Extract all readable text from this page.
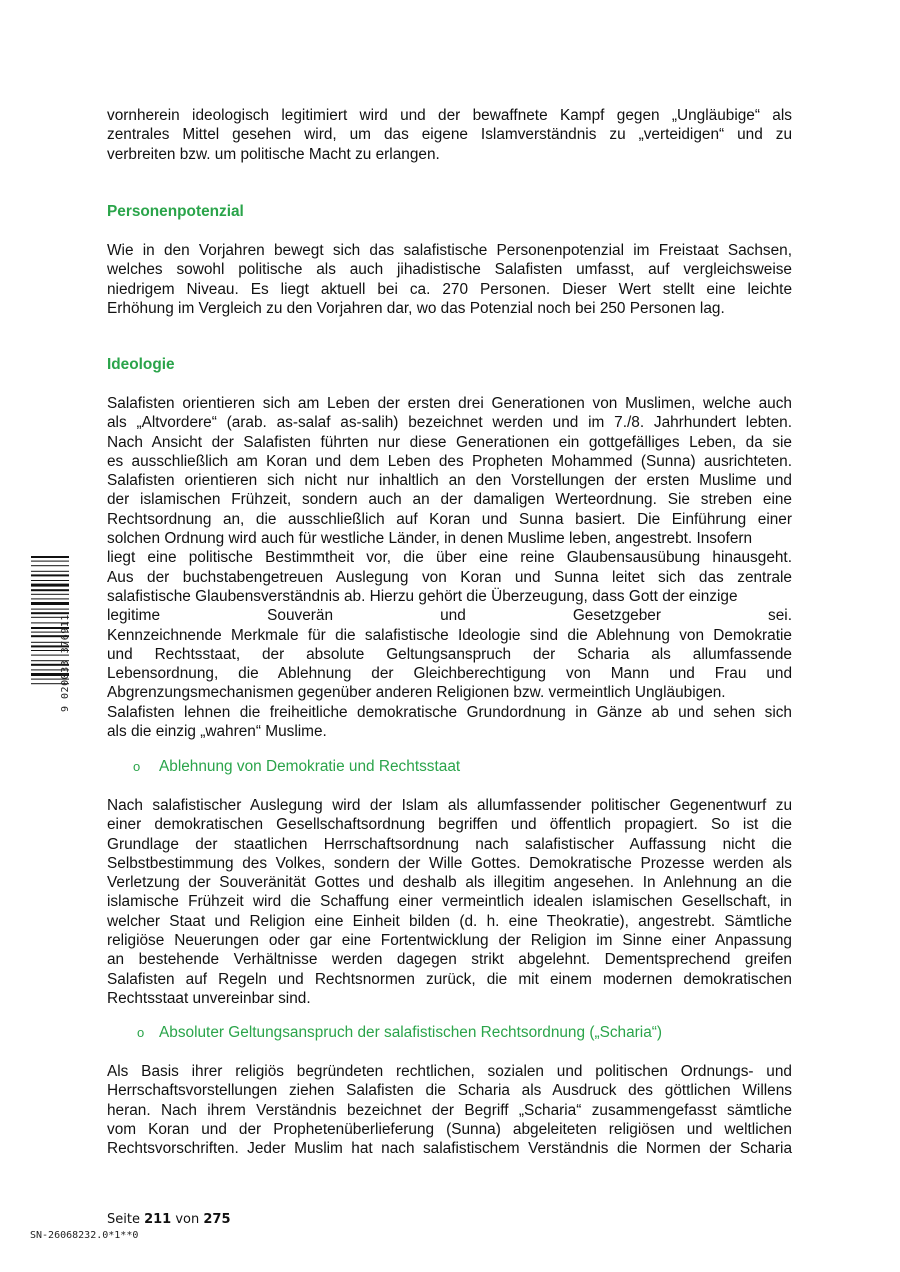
vornherein ideologisch legitimiert wird und der bewaffnete Kampf gegen „Ungläubige“ als
zentrales Mittel gesehen wird, um das eigene Islamverständnis zu „verteidigen“ und zu
verbreiten bzw. um politische Macht zu erlangen.

Personenpotenzial

Wie in den Vorjahren bewegt sich das salafistische Personenpotenzial im Freistaat Sachsen,
welches sowohl politische als auch jihadistische Salafisten umfasst, auf vergleichsweise
niedrigem Niveau. Es liegt aktuell bei ca. 270 Personen. Dieser Wert stellt eine leichte
Erhöhung im Vergleich zu den Vorjahren dar, wo das Potenzial noch bei 250 Personen lag.

Ideologie

Salafisten orientieren sich am Leben der ersten drei Generationen von Muslimen, welche auch
als „Altvordere“ (arab. as-salaf as-salih) bezeichnet werden und im 7./8. Jahrhundert lebten.
Nach Ansicht der Salafisten führten nur diese Generationen ein gottgefälliges Leben, da sie
es ausschließlich am Koran und dem Leben des Propheten Mohammed (Sunna) ausrichteten.
Salafisten orientieren sich nicht nur inhaltlich an den Vorstellungen der ersten Muslime und
der islamischen Frühzeit, sondern auch an der damaligen Werteordnung. Sie streben eine
Rechtsordnung an, die ausschließlich auf Koran und Sunna basiert. Die Einführung einer
solchen Ordnung wird auch für westliche Länder, in denen Muslime leben, angestrebt. Insofern
liegt eine politische Bestimmtheit vor, die über eine reine Glaubensausübung hinausgeht.
Aus der buchstabengetreuen Auslegung von Koran und Sunna leitet sich das zentrale
salafistische Glaubensverständnis ab. Hierzu gehört die Überzeugung, dass Gott der einzige
legitime Souverän und Gesetzgeber sei.
Kennzeichnende Merkmale für die salafistische Ideologie sind die Ablehnung von Demokratie
und Rechtsstaat, der absolute Geltungsanspruch der Scharia als allumfassende
Lebensordnung, die Ablehnung der Gleichberechtigung von Mann und Frau und
Abgrenzungsmechanismen gegenüber anderen Religionen bzw. vermeintlich Ungläubigen.
Salafisten lehnen die freiheitliche demokratische Grundordnung in Gänze ab und sehen sich
als die einzig „wahren“ Muslime.

o Ablehnung von Demokratie und Rechtsstaat

Nach salafistischer Auslegung wird der Islam als allumfassender politischer Gegenentwurf zu
einer demokratischen Gesellschaftsordnung begriffen und öffentlich propagiert. So ist die
Grundlage der staatlichen Herrschaftsordnung nach salafistischer Auffassung nicht die
Selbstbestimmung des Volkes, sondern der Wille Gottes. Demokratische Prozesse werden als
Verletzung der Souveränität Gottes und deshalb als illegitim angesehen. In Anlehnung an die
islamische Frühzeit wird die Schaffung einer vermeintlich idealen islamischen Gesellschaft, in
welcher Staat und Religion eine Einheit bilden (d. h. eine Theokratie), angestrebt. Sämtliche
religiöse Neuerungen oder gar eine Fortentwicklung der Religion im Sinne einer Anpassung
an bestehende Verhältnisse werden dagegen strikt abgelehnt. Dementsprechend greifen
Salafisten auf Regeln und Rechtsnormen zurück, die mit einem modernen demokratischen
Rechtsstaat unvereinbar sind.

o Absoluter Geltungsanspruch der salafistischen Rechtsordnung („Scharia“)

Als Basis ihrer religiös begründeten rechtlichen, sozialen und politischen Ordnungs- und
Herrschaftsvorstellungen ziehen Salafisten die Scharia als Ausdruck des göttlichen Willens
heran. Nach ihrem Verständnis bezeichnet der Begriff „Scharia“ zusammengefasst sämtliche
vom Koran und der Prophetenüberlieferung (Sunna) abgeleiteten religiösen und weltlichen
Rechtsvorschriften. Jeder Muslim hat nach salafistischem Verständnis die Normen der Scharia

9 020033 376911
Seite 211 von 275
SN-26068232.0*1**0
